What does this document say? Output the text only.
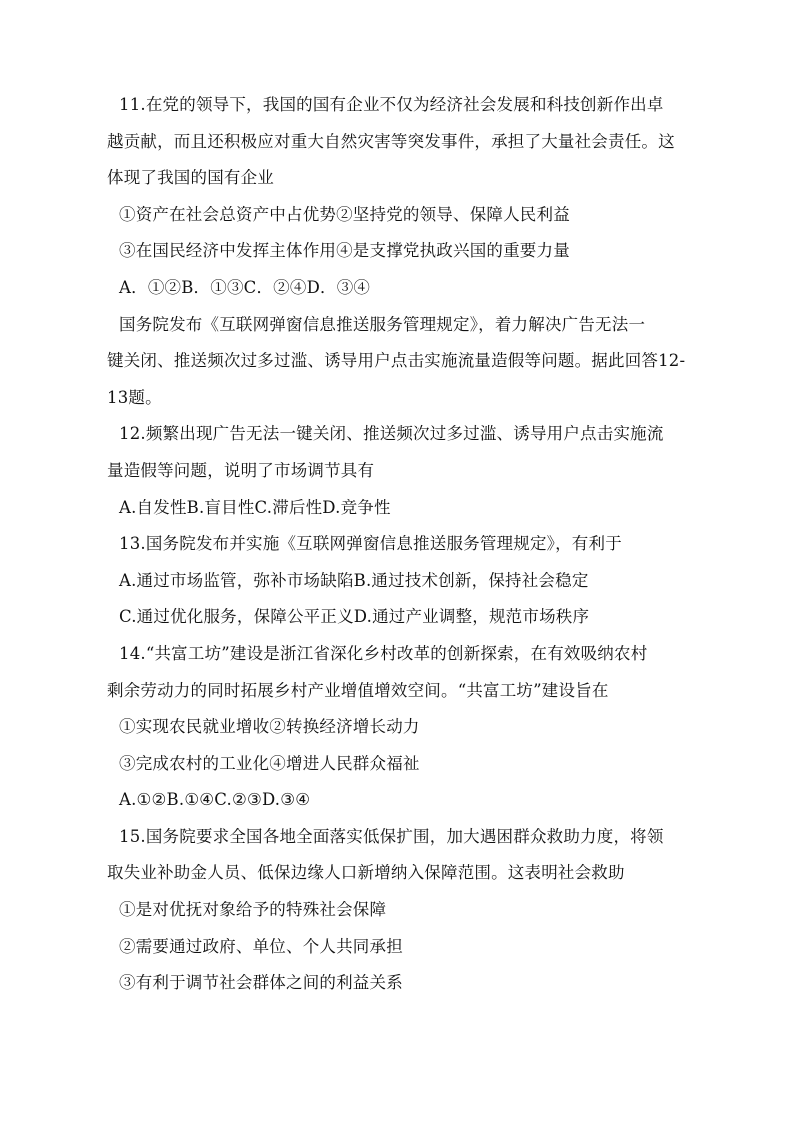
11.在党的领导下，我国的国有企业不仅为经济社会发展和科技创新作出卓
越贡献，而且还积极应对重大自然灾害等突发事件，承担了大量社会责任。这
体现了我国的国有企业
①资产在社会总资产中占优势②坚持党的领导、保障人民利益
③在国民经济中发挥主体作用④是支撑党执政兴国的重要力量
A．①②B．①③C．②④D．③④
国务院发布《互联网弹窗信息推送服务管理规定》，着力解决广告无法一
键关闭、推送频次过多过滥、诱导用户点击实施流量造假等问题。据此回答12-
13题。
12.频繁出现广告无法一键关闭、推送频次过多过滥、诱导用户点击实施流
量造假等问题，说明了市场调节具有
A.自发性B.盲目性C.滞后性D.竞争性
13.国务院发布并实施《互联网弹窗信息推送服务管理规定》，有利于
A.通过市场监管，弥补市场缺陷B.通过技术创新，保持社会稳定
C.通过优化服务，保障公平正义D.通过产业调整，规范市场秩序
14.“共富工坊”建设是浙江省深化乡村改革的创新探索，在有效吸纳农村
剩余劳动力的同时拓展乡村产业增值增效空间。“共富工坊”建设旨在
①实现农民就业增收②转换经济增长动力
③完成农村的工业化④增进人民群众福祉
A.①②B.①④C.②③D.③④
15.国务院要求全国各地全面落实低保扩围，加大遇困群众救助力度，将领
取失业补助金人员、低保边缘人口新增纳入保障范围。这表明社会救助
①是对优抚对象给予的特殊社会保障
②需要通过政府、单位、个人共同承担
③有利于调节社会群体之间的利益关系
